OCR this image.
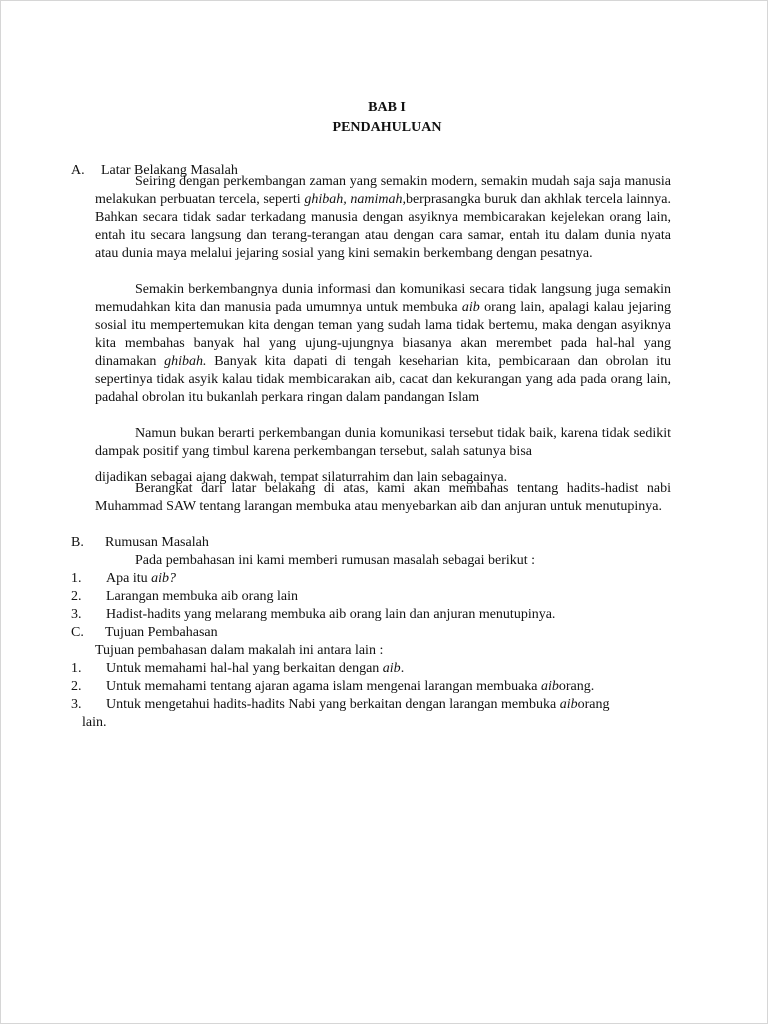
BAB I
PENDAHULUAN
A. Latar Belakang Masalah
Seiring dengan perkembangan zaman yang semakin modern, semakin mudah saja saja manusia melakukan perbuatan tercela, seperti ghibah, namimah,berprasangka buruk dan akhlak tercela lainnya. Bahkan secara tidak sadar terkadang manusia dengan asyiknya membicarakan kejelekan orang lain, entah itu secara langsung dan terang-terangan atau dengan cara samar, entah itu dalam dunia nyata atau dunia maya melalui jejaring sosial yang kini semakin berkembang dengan pesatnya.
Semakin berkembangnya dunia informasi dan komunikasi secara tidak langsung juga semakin memudahkan kita dan manusia pada umumnya untuk membuka aib orang lain, apalagi kalau jejaring sosial itu mempertemukan kita dengan teman yang sudah lama tidak bertemu, maka dengan asyiknya kita membahas banyak hal yang ujung-ujungnya biasanya akan merembet pada hal-hal yang dinamakan ghibah. Banyak kita dapati di tengah keseharian kita, pembicaraan dan obrolan itu sepertinya tidak asyik kalau tidak membicarakan aib, cacat dan kekurangan yang ada pada orang lain, padahal obrolan itu bukanlah perkara ringan dalam pandangan Islam
Namun bukan berarti perkembangan dunia komunikasi tersebut tidak baik, karena tidak sedikit dampak positif yang timbul karena perkembangan tersebut, salah satunya bisa
dijadikan sebagai ajang dakwah, tempat silaturrahim dan lain sebagainya.
Berangkat dari latar belakang di atas, kami akan membahas tentang hadits-hadist nabi Muhammad SAW tentang larangan membuka atau menyebarkan aib dan anjuran untuk menutupinya.
B. Rumusan Masalah
Pada pembahasan ini kami memberi rumusan masalah sebagai berikut :
1.	Apa itu aib?
2.	Larangan membuka aib orang lain
3.	Hadist-hadits yang melarang membuka aib orang lain dan anjuran menutupinya.
C. Tujuan Pembahasan
Tujuan pembahasan dalam makalah ini antara lain :
1.	Untuk memahami hal-hal yang berkaitan dengan aib.
2.	Untuk memahami tentang ajaran agama islam mengenai larangan membuaka aiborang.
3.	Untuk mengetahui hadits-hadits Nabi yang berkaitan dengan larangan membuka aiborang
lain.
